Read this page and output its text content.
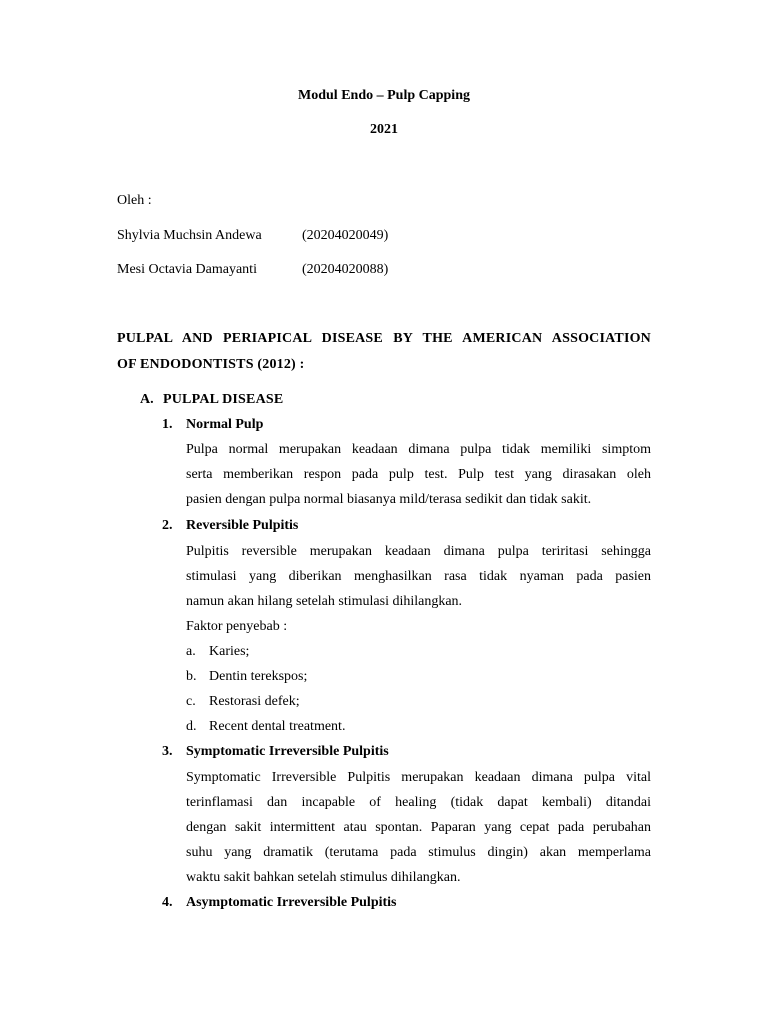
Modul Endo – Pulp Capping
2021
Oleh :
Shylvia Muchsin Andewa	(20204020049)
Mesi Octavia Damayanti	(20204020088)
PULPAL AND PERIAPICAL DISEASE BY THE AMERICAN ASSOCIATION
OF ENDODONTISTS (2012) :
A. PULPAL DISEASE
1. Normal Pulp
Pulpa normal merupakan keadaan dimana pulpa tidak memiliki simptom
serta memberikan respon pada pulp test. Pulp test yang dirasakan oleh
pasien dengan pulpa normal biasanya mild/terasa sedikit dan tidak sakit.
2. Reversible Pulpitis
Pulpitis reversible merupakan keadaan dimana pulpa teriritasi sehingga
stimulasi yang diberikan menghasilkan rasa tidak nyaman pada pasien
namun akan hilang setelah stimulasi dihilangkan.
Faktor penyebab :
a. Karies;
b. Dentin terekspos;
c. Restorasi defek;
d. Recent dental treatment.
3. Symptomatic Irreversible Pulpitis
Symptomatic Irreversible Pulpitis merupakan keadaan dimana pulpa vital
terinflamasi dan incapable of healing (tidak dapat kembali) ditandai
dengan sakit intermittent atau spontan. Paparan yang cepat pada perubahan
suhu yang dramatik (terutama pada stimulus dingin) akan memperlama
waktu sakit bahkan setelah stimulus dihilangkan.
4. Asymptomatic Irreversible Pulpitis
